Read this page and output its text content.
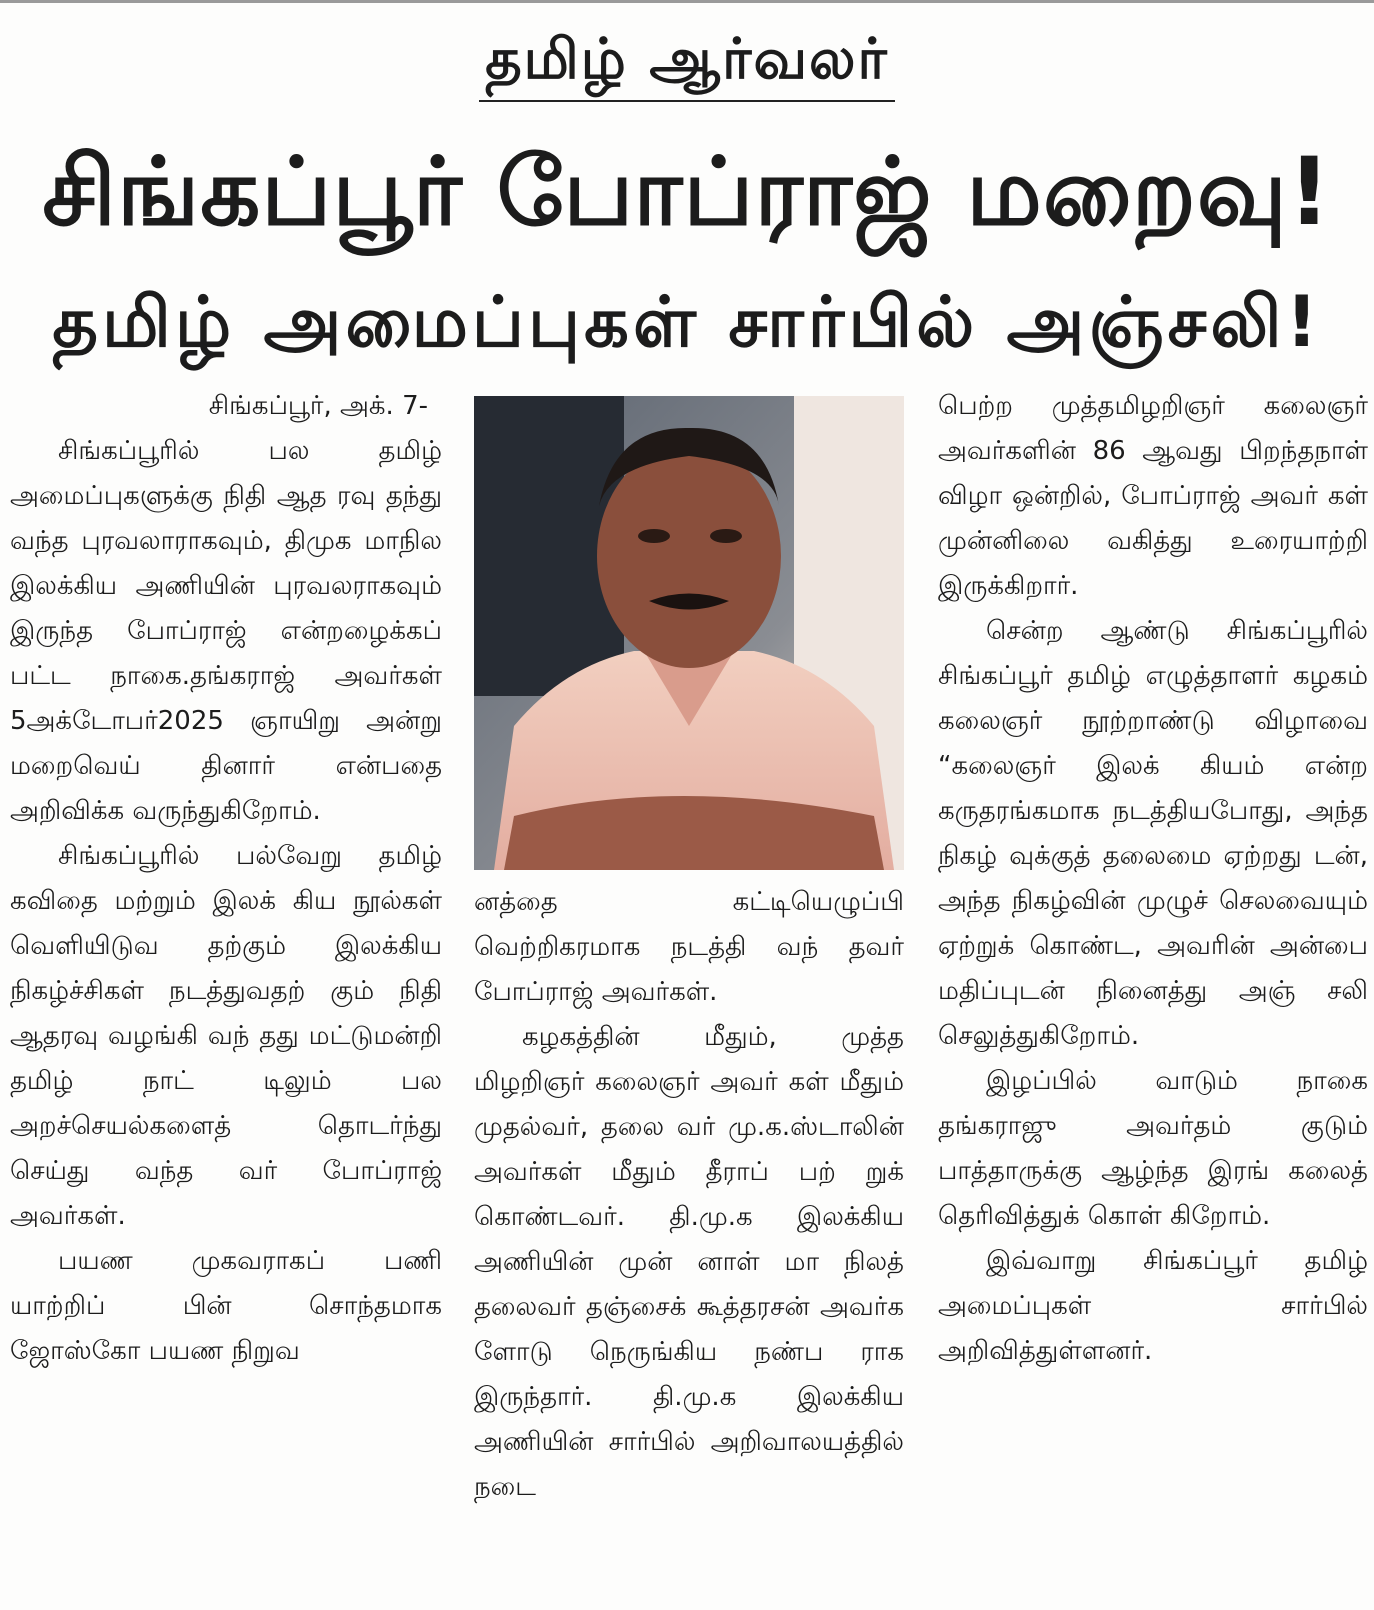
தமிழ் ஆர்வலர்
சிங்கப்பூர் போப்ராஜ் மறைவு!
தமிழ் அமைப்புகள் சார்பில் அஞ்சலி!
சிங்கப்பூர், அக். 7-

சிங்கப்பூரில் பல தமிழ் அமைப்புகளுக்கு நிதி ஆத ரவு தந்து வந்த புரவலாராகவும், திமுக மாநில இலக்கிய அணியின் புரவலராகவும் இருந்த போப்ராஜ் என்றழைக்கப் பட்ட நாகை.தங்கராஜ் அவர்கள் 5அக்டோபர்2025 ஞாயிறு அன்று மறைவெய் தினார் என்பதை அறிவிக்க வருந்துகிறோம்.

சிங்கப்பூரில் பல்வேறு தமிழ் கவிதை மற்றும் இலக் கிய நூல்கள் வெளியிடுவ தற்கும் இலக்கிய நிகழ்ச்சிகள் நடத்துவதற் கும் நிதி ஆதரவு வழங்கி வந் தது மட்டுமன்றி தமிழ் நாட் டிலும் பல அறச்செயல்களைத் தொடர்ந்து செய்து வந்த வர் போப்ராஜ் அவர்கள்.

பயண முகவராகப் பணி யாற்றிப் பின் சொந்தமாக ஜோஸ்கோ பயண நிறுவ

னத்தை கட்டியெழுப்பி வெற்றிகரமாக நடத்தி வந் தவர் போப்ராஜ் அவர்கள்.

கழகத்தின் மீதும், முத்த மிழறிஞர் கலைஞர் அவர் கள் மீதும் முதல்வர், தலை வர் மு.க.ஸ்டாலின் அவர்கள் மீதும் தீராப் பற் றுக் கொண்டவர். தி.மு.க இலக்கிய அணியின் முன் னாள் மா நிலத் தலைவர் தஞ்சைக் கூத்தரசன் அவர்க ளோடு நெருங்கிய நண்ப ராக இருந்தார். தி.மு.க இலக்கிய அணியின் சார்பில் அறிவாலயத்தில் நடை

பெற்ற முத்தமிழறிஞர் கலைஞர் அவர்களின் 86 ஆவது பிறந்தநாள் விழா ஒன்றில், போப்ராஜ் அவர் கள் முன்னிலை வகித்து உரையாற்றி இருக்கிறார்.

சென்ற ஆண்டு சிங்கப்பூரில் சிங்கப்பூர் தமிழ் எழுத்தாளர் கழகம் கலைஞர் நூற்றாண்டு விழாவை “கலைஞர் இலக் கியம் என்ற கருதரங்கமாக நடத்தியபோது, அந்த நிகழ் வுக்குத் தலைமை ஏற்றது டன், அந்த நிகழ்வின் முழுச் செலவையும் ஏற்றுக் கொண்ட, அவரின் அன்பை மதிப்புடன் நினைத்து அஞ் சலி செலுத்துகிறோம்.

இழப்பில் வாடும் நாகை தங்கராஜு அவர்தம் குடும் பாத்தாருக்கு ஆழ்ந்த இரங் கலைத் தெரிவித்துக் கொள் கிறோம்.

இவ்வாறு சிங்கப்பூர் தமிழ் அமைப்புகள் சார்பில் அறிவித்துள்ளனர்.
